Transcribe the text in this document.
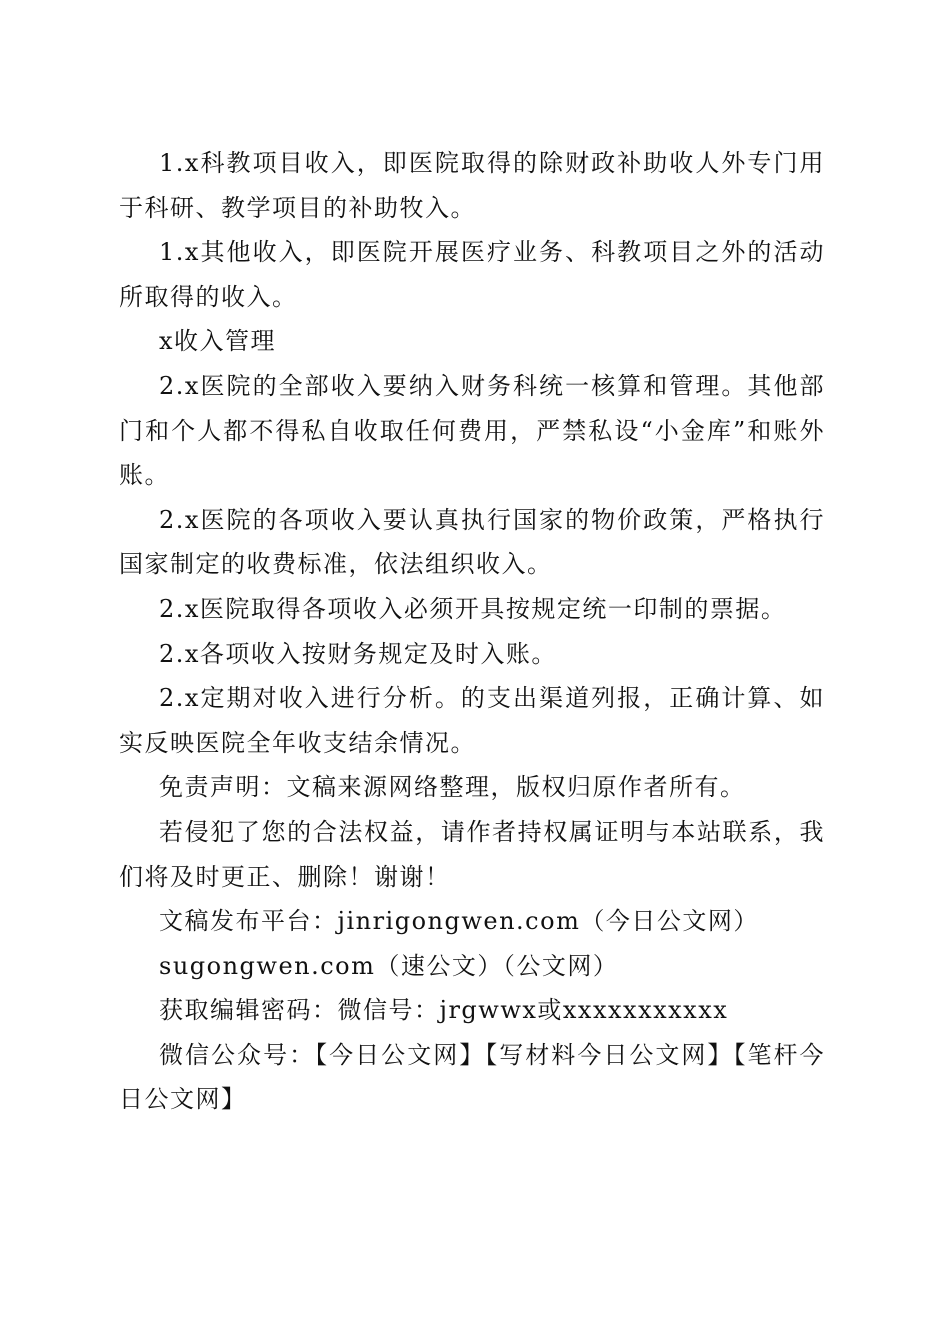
1.x科教项目收入，即医院取得的除财政补助收人外专门用于科研、教学项目的补助牧入。

1.x其他收入，即医院开展医疗业务、科教项目之外的活动所取得的收入。

x收入管理

2.x医院的全部收入要纳入财务科统一核算和管理。其他部门和个人都不得私自收取任何费用，严禁私设“小金库”和账外账。

2.x医院的各项收入要认真执行国家的物价政策，严格执行国家制定的收费标准，依法组织收入。

2.x医院取得各项收入必须开具按规定统一印制的票据。

2.x各项收入按财务规定及时入账。

2.x定期对收入进行分析。的支出渠道列报，正确计算、如实反映医院全年收支结余情况。

免责声明：文稿来源网络整理，版权归原作者所有。

若侵犯了您的合法权益，请作者持权属证明与本站联系，我们将及时更正、删除！谢谢！

文稿发布平台：jinrigongwen.com（今日公文网）

sugongwen.com（速公文）（公文网）

获取编辑密码：微信号：jrgwwx或xxxxxxxxxxx

微信公众号：【今日公文网】【写材料今日公文网】【笔杆今日公文网】
